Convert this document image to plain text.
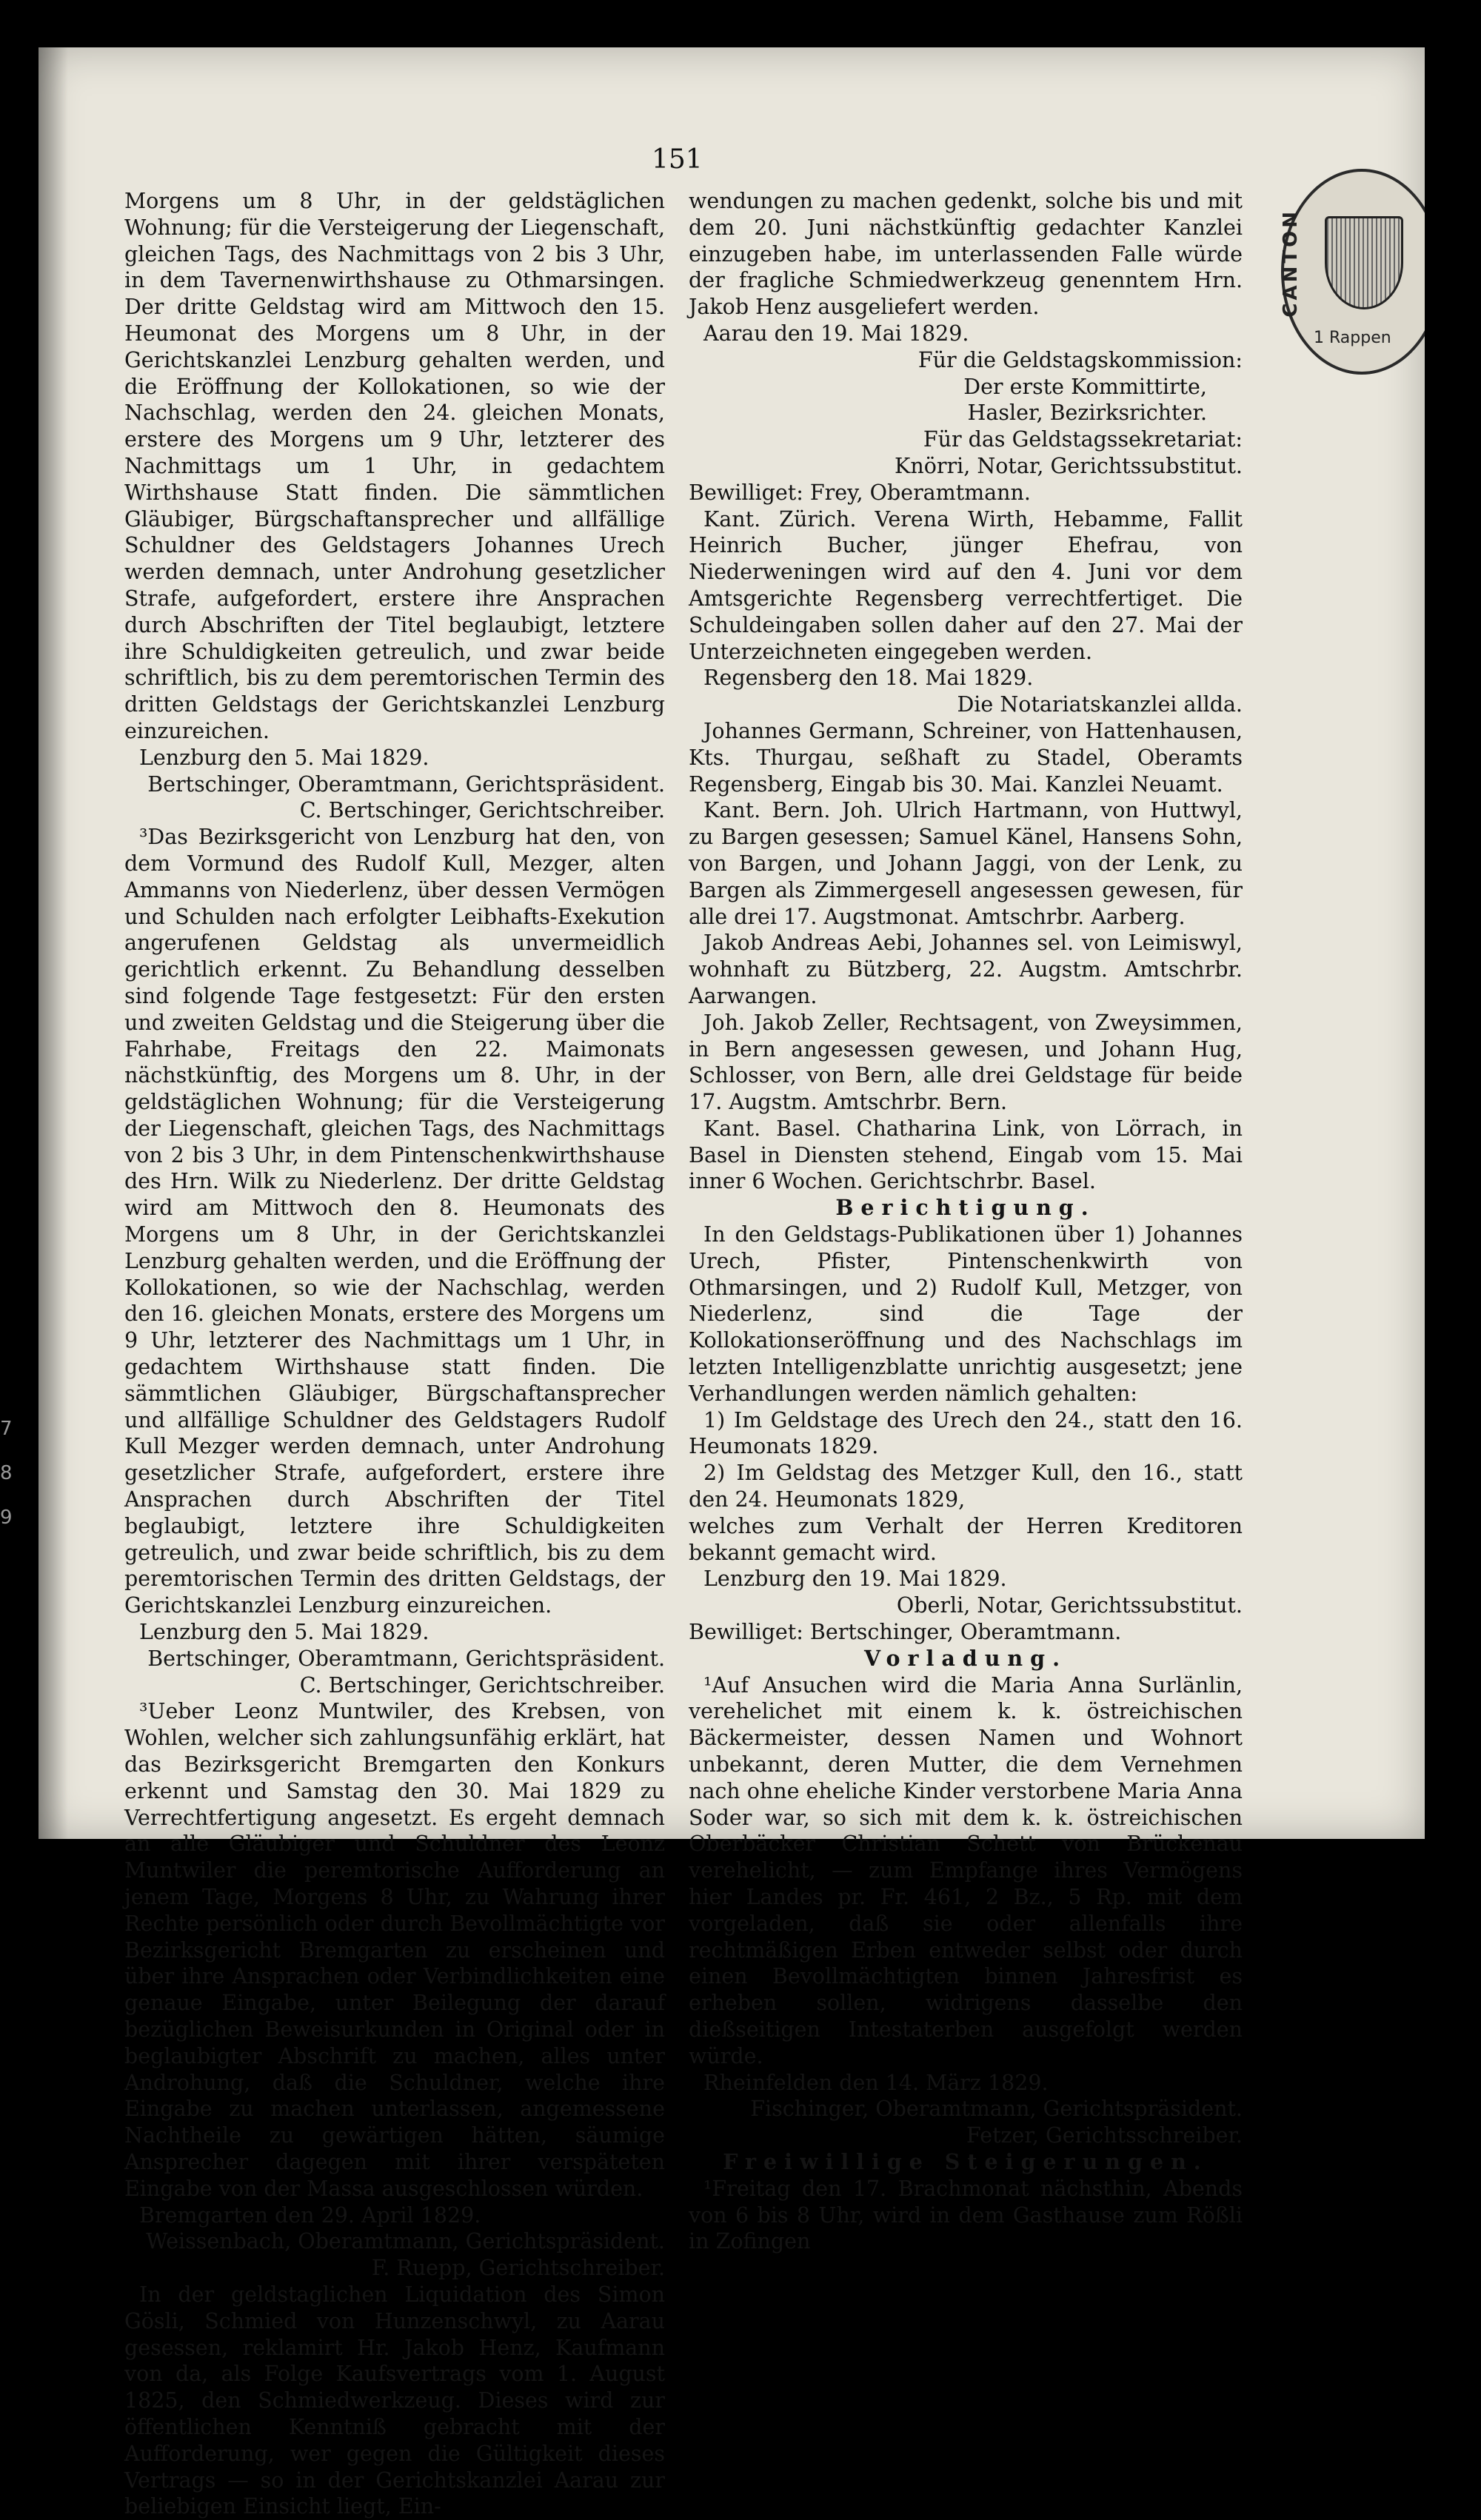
151
CANTON
1 Rappen

Morgens um 8 Uhr, in der geldstäglichen Wohnung; für die Versteigerung der Liegenschaft, gleichen Tags, des Nachmittags von 2 bis 3 Uhr, in dem Tavernenwirthshause zu Othmarsingen. Der dritte Geldstag wird am Mittwoch den 15. Heumonat des Morgens um 8 Uhr, in der Gerichtskanzlei Lenzburg gehalten werden, und die Eröffnung der Kollokationen, so wie der Nachschlag, werden den 24. gleichen Monats, erstere des Morgens um 9 Uhr, letzterer des Nachmittags um 1 Uhr, in gedachtem Wirthshause Statt finden. Die sämmtlichen Gläubiger, Bürgschaftansprecher und allfällige Schuldner des Geldstagers Johannes Urech werden demnach, unter Androhung gesetzlicher Strafe, aufgefordert, erstere ihre Ansprachen durch Abschriften der Titel beglaubigt, letztere ihre Schuldigkeiten getreulich, und zwar beide schriftlich, bis zu dem peremtorischen Termin des dritten Geldstags der Gerichtskanzlei Lenzburg einzureichen.

Lenzburg den 5. Mai 1829.

Bertschinger, Oberamtmann, Gerichtspräsident.

C. Bertschinger, Gerichtschreiber.

³Das Bezirksgericht von Lenzburg hat den, von dem Vormund des Rudolf Kull, Mezger, alten Ammanns von Niederlenz, über dessen Vermögen und Schulden nach erfolgter Leibhafts-Exekution angerufenen Geldstag als unvermeidlich gerichtlich erkennt. Zu Behandlung desselben sind folgende Tage festgesetzt: Für den ersten und zweiten Geldstag und die Steigerung über die Fahrhabe, Freitags den 22. Maimonats nächstkünftig, des Morgens um 8. Uhr, in der geldstäglichen Wohnung; für die Versteigerung der Liegenschaft, gleichen Tags, des Nachmittags von 2 bis 3 Uhr, in dem Pintenschenkwirthshause des Hrn. Wilk zu Niederlenz. Der dritte Geldstag wird am Mittwoch den 8. Heumonats des Morgens um 8 Uhr, in der Gerichtskanzlei Lenzburg gehalten werden, und die Eröffnung der Kollokationen, so wie der Nachschlag, werden den 16. gleichen Monats, erstere des Morgens um 9 Uhr, letzterer des Nachmittags um 1 Uhr, in gedachtem Wirthshause statt finden. Die sämmtlichen Gläubiger, Bürgschaftansprecher und allfällige Schuldner des Geldstagers Rudolf Kull Mezger werden demnach, unter Androhung gesetzlicher Strafe, aufgefordert, erstere ihre Ansprachen durch Abschriften der Titel beglaubigt, letztere ihre Schuldigkeiten getreulich, und zwar beide schriftlich, bis zu dem peremtorischen Termin des dritten Geldstags, der Gerichtskanzlei Lenzburg einzureichen.

Lenzburg den 5. Mai 1829.

Bertschinger, Oberamtmann, Gerichtspräsident.

C. Bertschinger, Gerichtschreiber.

³Ueber Leonz Muntwiler, des Krebsen, von Wohlen, welcher sich zahlungsunfähig erklärt, hat das Bezirksgericht Bremgarten den Konkurs erkennt und Samstag den 30. Mai 1829 zu Verrechtfertigung angesetzt. Es ergeht demnach an alle Gläubiger und Schuldner des Leonz Muntwiler die peremtorische Aufforderung an jenem Tage, Morgens 8 Uhr, zu Wahrung ihrer Rechte persönlich oder durch Bevollmächtigte vor Bezirksgericht Bremgarten zu erscheinen und über ihre Ansprachen oder Verbindlichkeiten eine genaue Eingabe, unter Beilegung der darauf bezüglichen Beweisurkunden in Original oder in beglaubigter Abschrift zu machen, alles unter Androhung, daß die Schuldner, welche ihre Eingabe zu machen unterlassen, angemessene Nachtheile zu gewärtigen hätten, säumige Ansprecher dagegen mit ihrer verspäteten Eingabe von der Massa ausgeschlossen würden.

Bremgarten den 29. April 1829.

Weissenbach, Oberamtmann, Gerichtspräsident.

F. Ruepp, Gerichtschreiber.

In der geldstaglichen Liquidation des Simon Gösli, Schmied von Hunzenschwyl, zu Aarau gesessen, reklamirt Hr. Jakob Henz, Kaufmann von da, als Folge Kaufsvertrags vom 1. August 1825, den Schmiedwerkzeug. Dieses wird zur öffentlichen Kenntniß gebracht mit der Aufforderung, wer gegen die Gültigkeit dieses Vertrags — so in der Gerichtskanzlei Aarau zur beliebigen Einsicht liegt, Ein-

wendungen zu machen gedenkt, solche bis und mit dem 20. Juni nächstkünftig gedachter Kanzlei einzugeben habe, im unterlassenden Falle würde der fragliche Schmiedwerkzeug genenntem Hrn. Jakob Henz ausgeliefert werden.

Aarau den 19. Mai 1829.

Für die Geldstagskommission:

Der erste Kommittirte,

Hasler, Bezirksrichter.

Für das Geldstagssekretariat:

Knörri, Notar, Gerichtssubstitut.

Bewilliget: Frey, Oberamtmann.

Kant. Zürich. Verena Wirth, Hebamme, Fallit Heinrich Bucher, jünger Ehefrau, von Niederweningen wird auf den 4. Juni vor dem Amtsgerichte Regensberg verrechtfertiget. Die Schuldeingaben sollen daher auf den 27. Mai der Unterzeichneten eingegeben werden.

Regensberg den 18. Mai 1829.

Die Notariatskanzlei allda.

Johannes Germann, Schreiner, von Hattenhausen, Kts. Thurgau, seßhaft zu Stadel, Oberamts Regensberg, Eingab bis 30. Mai. Kanzlei Neuamt.

Kant. Bern. Joh. Ulrich Hartmann, von Huttwyl, zu Bargen gesessen; Samuel Känel, Hansens Sohn, von Bargen, und Johann Jaggi, von der Lenk, zu Bargen als Zimmergesell angesessen gewesen, für alle drei 17. Augstmonat. Amtschrbr. Aarberg.

Jakob Andreas Aebi, Johannes sel. von Leimiswyl, wohnhaft zu Bützberg, 22. Augstm. Amtschrbr. Aarwangen.

Joh. Jakob Zeller, Rechtsagent, von Zweysimmen, in Bern angesessen gewesen, und Johann Hug, Schlosser, von Bern, alle drei Geldstage für beide 17. Augstm. Amtschrbr. Bern.

Kant. Basel. Chatharina Link, von Lörrach, in Basel in Diensten stehend, Eingab vom 15. Mai inner 6 Wochen. Gerichtschrbr. Basel.

Berichtigung.

In den Geldstags-Publikationen über 1) Johannes Urech, Pfister, Pintenschenkwirth von Othmarsingen, und 2) Rudolf Kull, Metzger, von Niederlenz, sind die Tage der Kollokationseröffnung und des Nachschlags im letzten Intelligenzblatte unrichtig ausgesetzt; jene Verhandlungen werden nämlich gehalten:

1) Im Geldstage des Urech den 24., statt den 16. Heumonats 1829.

2) Im Geldstag des Metzger Kull, den 16., statt den 24. Heumonats 1829,

welches zum Verhalt der Herren Kreditoren bekannt gemacht wird.

Lenzburg den 19. Mai 1829.

Oberli, Notar, Gerichtssubstitut.

Bewilliget: Bertschinger, Oberamtmann.

Vorladung.

¹Auf Ansuchen wird die Maria Anna Surlänlin, verehelichet mit einem k. k. östreichischen Bäckermeister, dessen Namen und Wohnort unbekannt, deren Mutter, die dem Vernehmen nach ohne eheliche Kinder verstorbene Maria Anna Soder war, so sich mit dem k. k. östreichischen Oberbäcker Christian Schett von Brückenau verehelicht, — zum Empfange ihres Vermögens hier Landes pr. Fr. 461, 2 Bz., 5 Rp. mit dem vorgeladen, daß sie oder allenfalls ihre rechtmäßigen Erben entweder selbst oder durch einen Bevollmächtigten binnen Jahresfrist es erheben sollen, widrigens dasselbe den dießseitigen Intestaterben ausgefolgt werden würde.

Rheinfelden den 14. März 1829.

Fischinger, Oberamtmann, Gerichtspräsident.

Fetzer, Gerichtsschreiber.

Freiwillige Steigerungen.

¹Freitag den 17. Brachmonat nächsthin, Abends von 6 bis 8 Uhr, wird in dem Gasthause zum Rößli in Zofingen

7
8
9
